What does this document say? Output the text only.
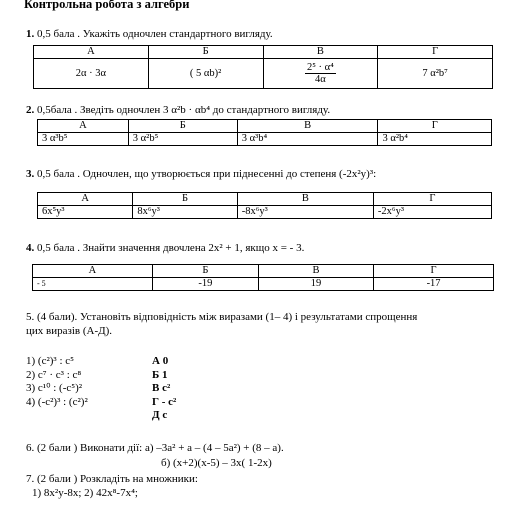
Контрольна робота з алгебри
1. 0,5 бала . Укажіть одночлен стандартного вигляду.
А	Б	В	Г
2α · 3α	( 5 αb)²	$\frac{\text{2⁵ · α⁴}}{4\alpha}$	7 α²b⁷
2. 0,5бала . Зведіть одночлен 3 α²b · αb⁴ до стандартного вигляду.
А	Б	В	Г
3 α³b⁵	3 α²b⁵	3 α³b⁴	3 α²b⁴
3. 0,5 бала . Одночлен, що утворюється при піднесенні до степеня (-2x²y)³:
А	Б	В	Г
6x⁵y³	8x⁶y³	-8x⁶y³	-2x⁶y³
4. 0,5 бала . Знайти значення двочлена 2x² + 1, якщо x = - 3.
А	Б	В	Г
- 5	-19	19	-17
5. (4 бали). Установіть відповідність між виразами (1– 4) і результатами спрощення
цих виразів (А-Д).
1) (c²)³ : c⁵
2) c⁷ · c³ : c⁸
3) c¹⁰ : (-c⁵)²
4) (-c²)³ : (c²)²
А 0
Б 1
В c²
Г - c²
Д c
6. (2 бали ) Виконати дії: а) –3a² + a – (4 – 5a²) + (8 – a).
б) (x+2)(x-5) – 3x( 1-2x)
7. (2 бали ) Розкладіть на множники:
1) 8x²y-8x; 2) 42x⁸-7x⁴;
